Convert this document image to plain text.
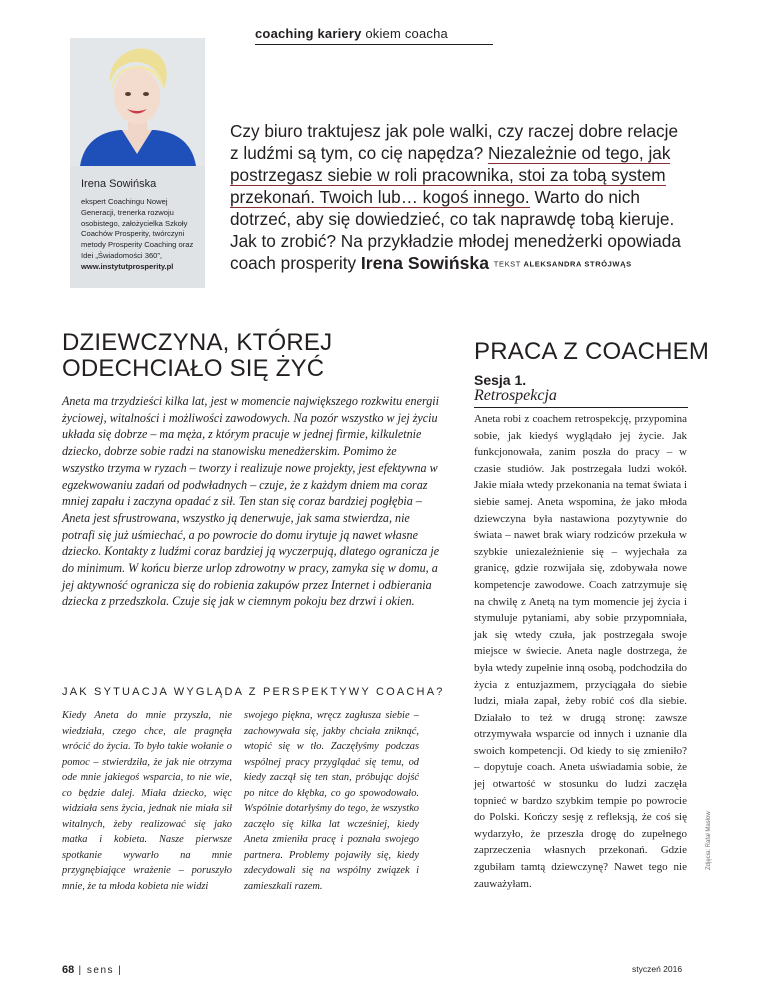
coaching kariery okiem coacha
Irena Sowińska
ekspert Coachingu Nowej Generacji, trenerka rozwoju osobistego, założycielka Szkoły Coachów Prosperity, twórczyni metody Prosperity Coaching oraz Idei „Świadomości 360”,
www.instytutprosperity.pl
Czy biuro traktujesz jak pole walki, czy raczej dobre relacje z ludźmi są tym, co cię napędza? Niezależnie od tego, jak postrzegasz siebie w roli pracownika, stoi za tobą system przekonań. Twoich lub… kogoś innego. Warto do nich dotrzeć, aby się dowiedzieć, co tak naprawdę tobą kieruje. Jak to zrobić? Na przykładzie młodej menedżerki opowiada coach prosperity Irena Sowińska TEKST ALEKSANDRA STRÓJWĄS
DZIEWCZYNA, KTÓREJ ODECHCIAŁO SIĘ ŻYĆ
Aneta ma trzydzieści kilka lat, jest w momencie największego rozkwitu energii życiowej, witalności i możliwości zawodowych. Na pozór wszystko w jej życiu układa się dobrze – ma męża, z którym pracuje w jednej firmie, kilkuletnie dziecko, dobrze sobie radzi na stanowisku menedżerskim. Pomimo że wszystko trzyma w ryzach – tworzy i realizuje nowe projekty, jest efektywna w egzekwowaniu zadań od podwładnych – czuje, że z każdym dniem ma coraz mniej zapału i zaczyna opadać z sił. Ten stan się coraz bardziej pogłębia – Aneta jest sfrustrowana, wszystko ją denerwuje, jak sama stwierdza, nie potrafi się już uśmiechać, a po powrocie do domu irytuje ją nawet własne dziecko. Kontakty z ludźmi coraz bardziej ją wyczerpują, dlatego ogranicza je do minimum. W końcu bierze urlop zdrowotny w pracy, zamyka się w domu, a jej aktywność ogranicza się do robienia zakupów przez Internet i odbierania dziecka z przedszkola. Czuje się jak w ciemnym pokoju bez drzwi i okien.
JAK SYTUACJA WYGLĄDA Z PERSPEKTYWY COACHA?
Kiedy Aneta do mnie przyszła, nie wiedziała, czego chce, ale pragnęła wrócić do życia. To było takie wołanie o pomoc – stwierdziła, że jak nie otrzyma ode mnie jakiegoś wsparcia, to nie wie, co będzie dalej. Miała dziecko, więc widziała sens życia, jednak nie miała sił witalnych, żeby realizować się jako matka i kobieta. Nasze pierwsze spotkanie wywarło na mnie przygnębiające wrażenie – poruszyło mnie, że ta młoda kobieta nie widzi
swojego piękna, wręcz zagłusza siebie – zachowywała się, jakby chciała zniknąć, wtopić się w tło. Zaczęłyśmy podczas wspólnej pracy przyglądać się temu, od kiedy zaczął się ten stan, próbując dojść po nitce do kłębka, co go spowodowało. Wspólnie dotarłyśmy do tego, że wszystko zaczęło się kilka lat wcześniej, kiedy Aneta zmieniła pracę i poznała swojego partnera. Problemy pojawiły się, kiedy zdecydowali się na wspólny związek i zamieszkali razem.
PRACA Z COACHEM
Sesja 1.
Retrospekcja
Aneta robi z coachem retrospekcję, przypomina sobie, jak kiedyś wyglądało jej życie. Jak funkcjonowała, zanim poszła do pracy – w czasie studiów. Jak postrzegała ludzi wokół. Jakie miała wtedy przekonania na temat świata i siebie samej. Aneta wspomina, że jako młoda dziewczyna była nastawiona pozytywnie do świata – nawet brak wiary rodziców przekuła w szybkie uniezależnienie się – wyjechała za granicę, gdzie rozwijała się, zdobywała nowe kompetencje zawodowe. Coach zatrzymuje się na chwilę z Anetą na tym momencie jej życia i stymuluje pytaniami, aby sobie przypomniała, jak się wtedy czuła, jak postrzegała swoje miejsce w świecie. Aneta nagle dostrzega, że była wtedy zupełnie inną osobą, podchodziła do życia z entuzjazmem, przyciągała do siebie ludzi, miała zapał, żeby robić coś dla siebie. Działało to też w drugą stronę: zawsze otrzymywała wsparcie od innych i uznanie dla swoich kompetencji. Od kiedy to się zmieniło? – dopytuje coach. Aneta uświadamia sobie, że jej otwartość w stosunku do ludzi zaczęła topnieć w bardzo szybkim tempie po powrocie do Polski. Kończy sesję z refleksją, że coś się wydarzyło, że przeszła drogę do zupełnego zaprzeczenia własnych przekonań. Gdzie zgubiłam tamtą dziewczynę? Nawet tego nie zauważyłam.
Zdjęcia: Rafał Masłow
68 | sens |	styczeń 2016
